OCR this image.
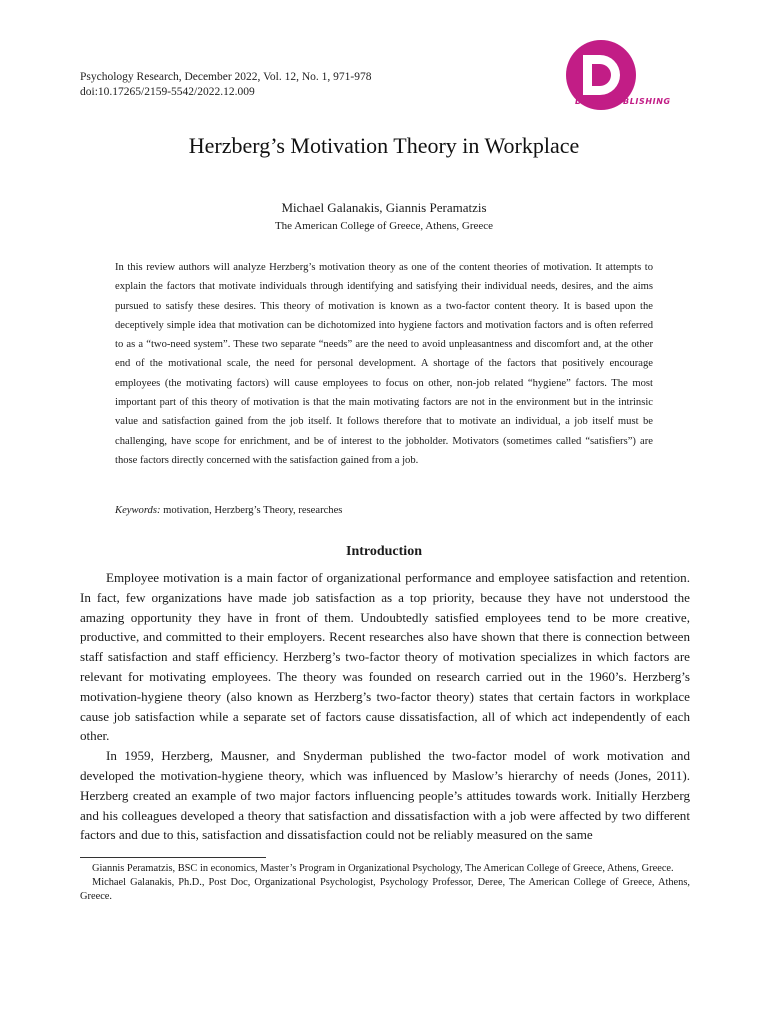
Psychology Research, December 2022, Vol. 12, No. 1, 971-978
doi:10.17265/2159-5542/2022.12.009
DAVID PUBLISHING
Herzberg’s Motivation Theory in Workplace
Michael Galanakis, Giannis Peramatzis
The American College of Greece, Athens, Greece
In this review authors will analyze Herzberg’s motivation theory as one of the content theories of motivation. It attempts to explain the factors that motivate individuals through identifying and satisfying their individual needs, desires, and the aims pursued to satisfy these desires. This theory of motivation is known as a two-factor content theory. It is based upon the deceptively simple idea that motivation can be dichotomized into hygiene factors and motivation factors and is often referred to as a “two-need system”. These two separate “needs” are the need to avoid unpleasantness and discomfort and, at the other end of the motivational scale, the need for personal development. A shortage of the factors that positively encourage employees (the motivating factors) will cause employees to focus on other, non-job related “hygiene” factors. The most important part of this theory of motivation is that the main motivating factors are not in the environment but in the intrinsic value and satisfaction gained from the job itself. It follows therefore that to motivate an individual, a job itself must be challenging, have scope for enrichment, and be of interest to the jobholder. Motivators (sometimes called “satisfiers”) are those factors directly concerned with the satisfaction gained from a job.
Keywords: motivation, Herzberg’s Theory, researches
Introduction

Employee motivation is a main factor of organizational performance and employee satisfaction and retention. In fact, few organizations have made job satisfaction as a top priority, because they have not understood the amazing opportunity they have in front of them. Undoubtedly satisfied employees tend to be more creative, productive, and committed to their employers. Recent researches also have shown that there is connection between staff satisfaction and staff efficiency. Herzberg’s two-factor theory of motivation specializes in which factors are relevant for motivating employees. The theory was founded on research carried out in the 1960’s. Herzberg’s motivation-hygiene theory (also known as Herzberg’s two-factor theory) states that certain factors in workplace cause job satisfaction while a separate set of factors cause dissatisfaction, all of which act independently of each other.

In 1959, Herzberg, Mausner, and Snyderman published the two-factor model of work motivation and developed the motivation-hygiene theory, which was influenced by Maslow’s hierarchy of needs (Jones, 2011). Herzberg created an example of two major factors influencing people’s attitudes towards work. Initially Herzberg and his colleagues developed a theory that satisfaction and dissatisfaction with a job were affected by two different factors and due to this, satisfaction and dissatisfaction could not be reliably measured on the same

Giannis Peramatzis, BSC in economics, Master’s Program in Organizational Psychology, The American College of Greece, Athens, Greece.

Michael Galanakis, Ph.D., Post Doc, Organizational Psychologist, Psychology Professor, Deree, The American College of Greece, Athens, Greece.
